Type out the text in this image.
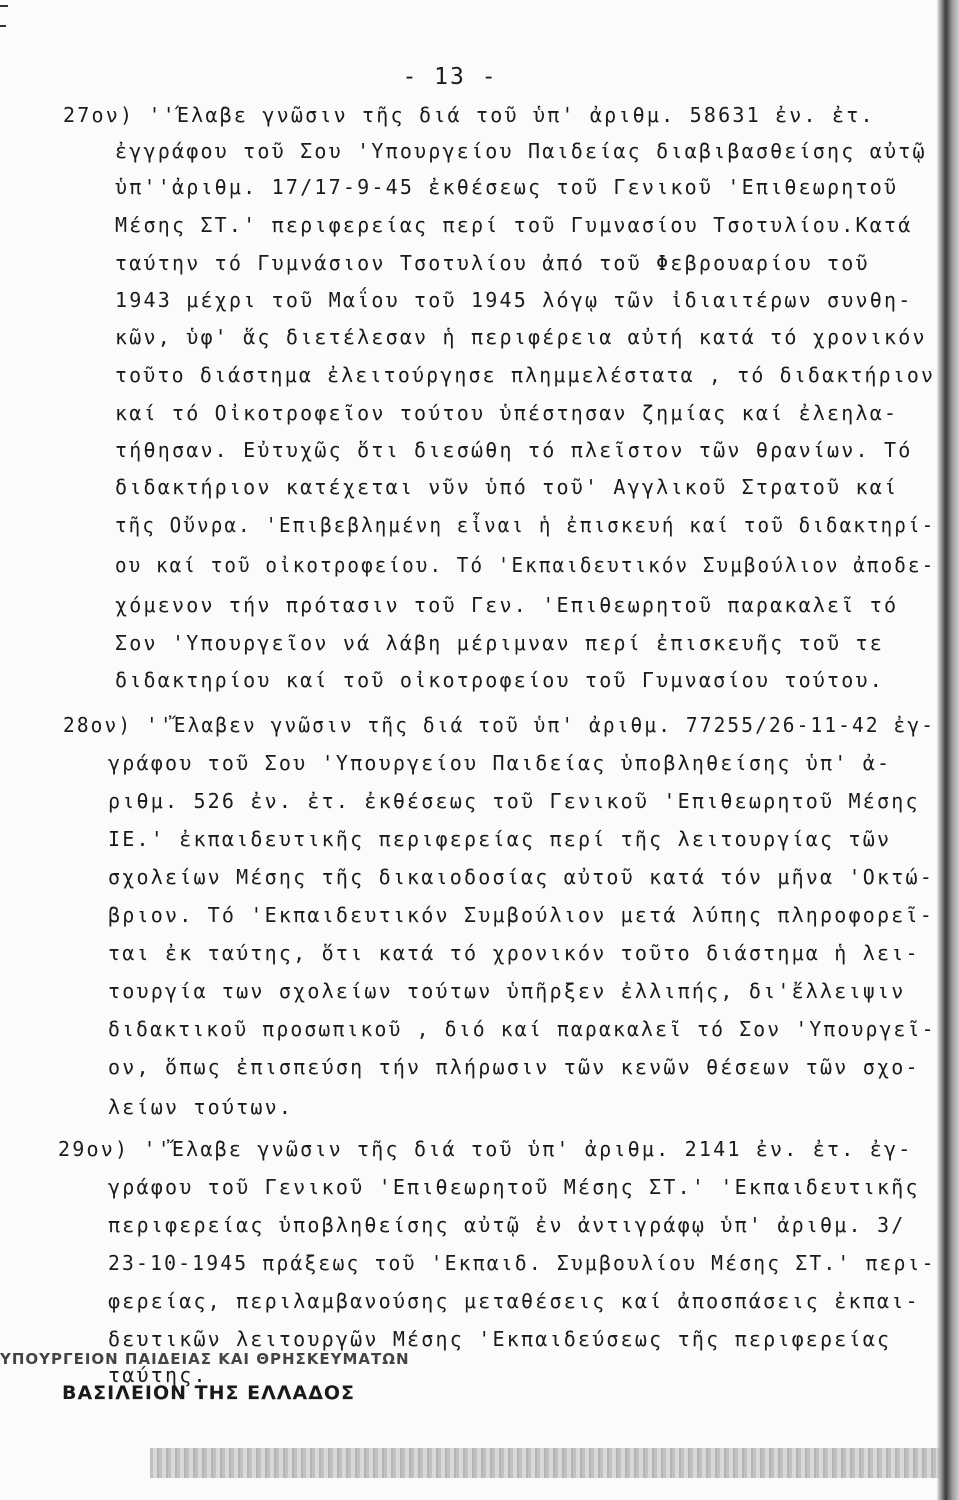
- 13 -
27ον) ''Έλαβε γνῶσιν τῆς διά τοῦ ὑπ' ἀριθμ. 58631 ἐν. ἐτ.
ἐγγράφου τοῦ Σου 'Υπουργείου Παιδείας διαβιβασθείσης αὐτῷ
ὑπ''ἀριθμ. 17/17-9-45 ἐκθέσεως τοῦ Γενικοῦ 'Επιθεωρητοῦ
Μέσης ΣΤ.' περιφερείας περί τοῦ Γυμνασίου Τσοτυλίου.Κατά
ταύτην τό Γυμνάσιον Τσοτυλίου ἀπό τοῦ Φεβρουαρίου τοῦ
1943 μέχρι τοῦ Μαΐου τοῦ 1945 λόγῳ τῶν ἰδιαιτέρων συνθη-
κῶν, ὑφ' ἅς διετέλεσαν ἡ περιφέρεια αὐτή κατά τό χρονικόν
τοῦτο διάστημα ἐλειτούργησε πλημμελέστατα , τό διδακτήριον
καί τό Οἰκοτροφεῖον τούτου ὑπέστησαν ζημίας καί ἐλεηλα-
τήθησαν. Εὐτυχῶς ὅτι διεσώθη τό πλεῖστον τῶν θρανίων. Τό
διδακτήριον κατέχεται νῦν ὑπό τοῦ' Αγγλικοῦ Στρατοῦ καί
τῆς Οὔνρα. 'Επιβεβλημένη εἶναι ἡ ἐπισκευή καί τοῦ διδακτηρί-
ου καί τοῦ οἰκοτροφείου. Τό 'Εκπαιδευτικόν Συμβούλιον ἀποδε-
χόμενον τήν πρότασιν τοῦ Γεν. 'Επιθεωρητοῦ παρακαλεῖ τό
Σον 'Υπουργεῖον νά λάβη μέριμναν περί ἐπισκευῆς τοῦ τε
διδακτηρίου καί τοῦ οἰκοτροφείου τοῦ Γυμνασίου τούτου.
28ον) ''Ἔλαβεν γνῶσιν τῆς διά τοῦ ὑπ' ἀριθμ. 77255/26-11-42 ἐγ-
γράφου τοῦ Σου 'Υπουργείου Παιδείας ὑποβληθείσης ὑπ' ἀ-
ριθμ. 526 ἐν. ἐτ. ἐκθέσεως τοῦ Γενικοῦ 'Επιθεωρητοῦ Μέσης
ΙΕ.' ἐκπαιδευτικῆς περιφερείας περί τῆς λειτουργίας τῶν
σχολείων Μέσης τῆς δικαιοδοσίας αὐτοῦ κατά τόν μῆνα 'Οκτώ-
βριον. Τό 'Εκπαιδευτικόν Συμβούλιον μετά λύπης πληροφορεῖ-
ται ἐκ ταύτης, ὅτι κατά τό χρονικόν τοῦτο διάστημα ἡ λει-
τουργία των σχολείων τούτων ὑπῆρξεν ἐλλιπής, δι'ἔλλειψιν
διδακτικοῦ προσωπικοῦ , διό καί παρακαλεῖ τό Σον 'Υπουργεῖ-
ον, ὅπως ἐπισπεύση τήν πλήρωσιν τῶν κενῶν θέσεων τῶν σχο-
λείων τούτων.
29ον) ''Ἔλαβε γνῶσιν τῆς διά τοῦ ὑπ' ἀριθμ. 2141 ἐν. ἐτ. ἐγ-
γράφου τοῦ Γενικοῦ 'Επιθεωρητοῦ Μέσης ΣΤ.' 'Εκπαιδευτικῆς
περιφερείας ὑποβληθείσης αὐτῷ ἐν ἀντιγράφῳ ὑπ' ἀριθμ. 3/
23-10-1945 πράξεως τοῦ 'Εκπαιδ. Συμβουλίου Μέσης ΣΤ.' περι-
φερείας, περιλαμβανούσης μεταθέσεις καί ἀποσπάσεις ἐκπαι-
δευτικῶν λειτουργῶν Μέσης 'Εκπαιδεύσεως τῆς περιφερείας
ταύτης.
ΥΠΟΥΡΓΕΙΟΝ ΠΑΙΔΕΙΑΣ ΚΑΙ ΘΡΗΣΚΕΥΜΑΤΩΝ
ΒΑΣΙΛΕΙΟΝ ΤΗΣ ΕΛΛΑΔΟΣ
